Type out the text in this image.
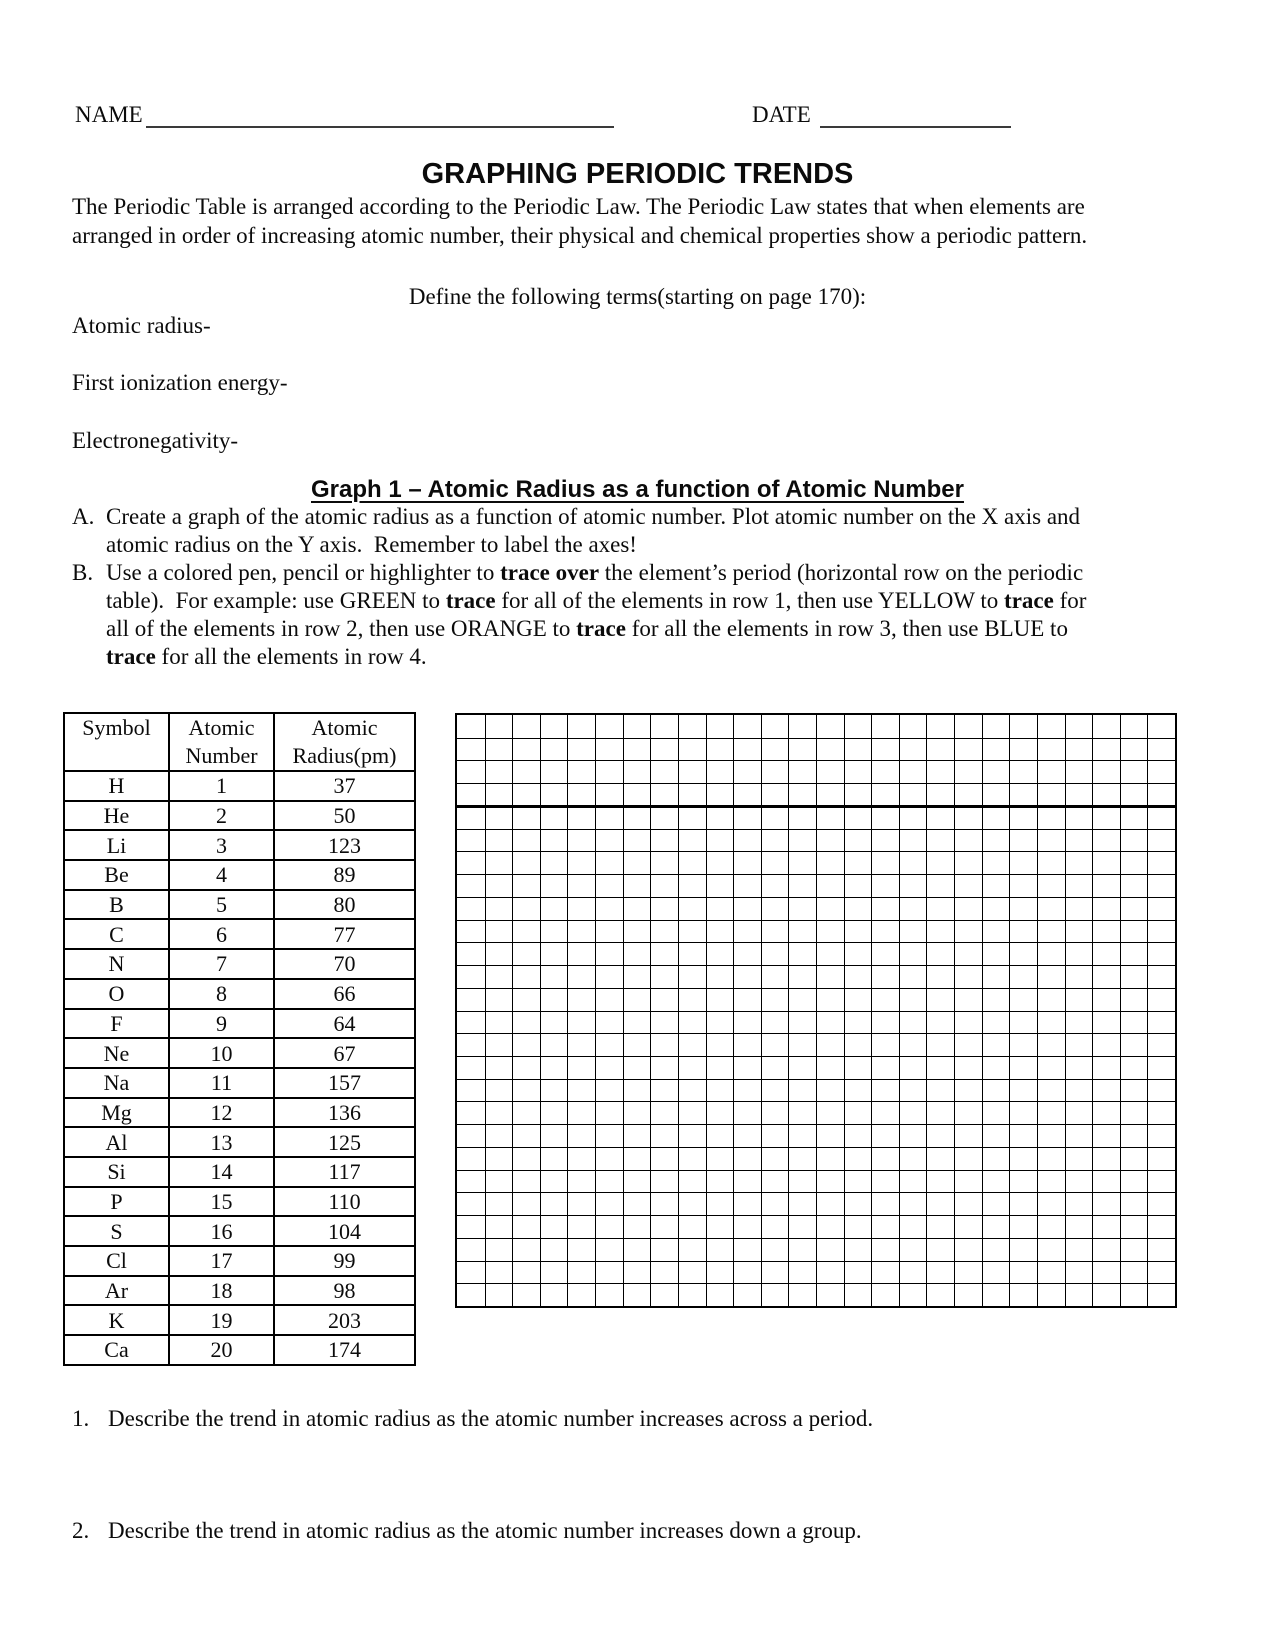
NAME	DATE
GRAPHING PERIODIC TRENDS
The Periodic Table is arranged according to the Periodic Law. The Periodic Law states that when elements are
arranged in order of increasing atomic number, their physical and chemical properties show a periodic pattern.
Define the following terms(starting on page 170):
Atomic radius-
First ionization energy-
Electronegativity-
Graph 1 – Atomic Radius as a function of Atomic Number
A. Create a graph of the atomic radius as a function of atomic number. Plot atomic number on the X axis and
atomic radius on the Y axis.  Remember to label the axes!
B. Use a colored pen, pencil or highlighter to trace over the element’s period (horizontal row on the periodic
table).  For example: use GREEN to trace for all of the elements in row 1, then use YELLOW to trace for
all of the elements in row 2, then use ORANGE to trace for all the elements in row 3, then use BLUE to
trace for all the elements in row 4.
Symbol	Atomic Number	Atomic Radius(pm)
H	1	37
He	2	50
Li	3	123
Be	4	89
B	5	80
C	6	77
N	7	70
O	8	66
F	9	64
Ne	10	67
Na	11	157
Mg	12	136
Al	13	125
Si	14	117
P	15	110
S	16	104
Cl	17	99
Ar	18	98
K	19	203
Ca	20	174
1. Describe the trend in atomic radius as the atomic number increases across a period.
2. Describe the trend in atomic radius as the atomic number increases down a group.
